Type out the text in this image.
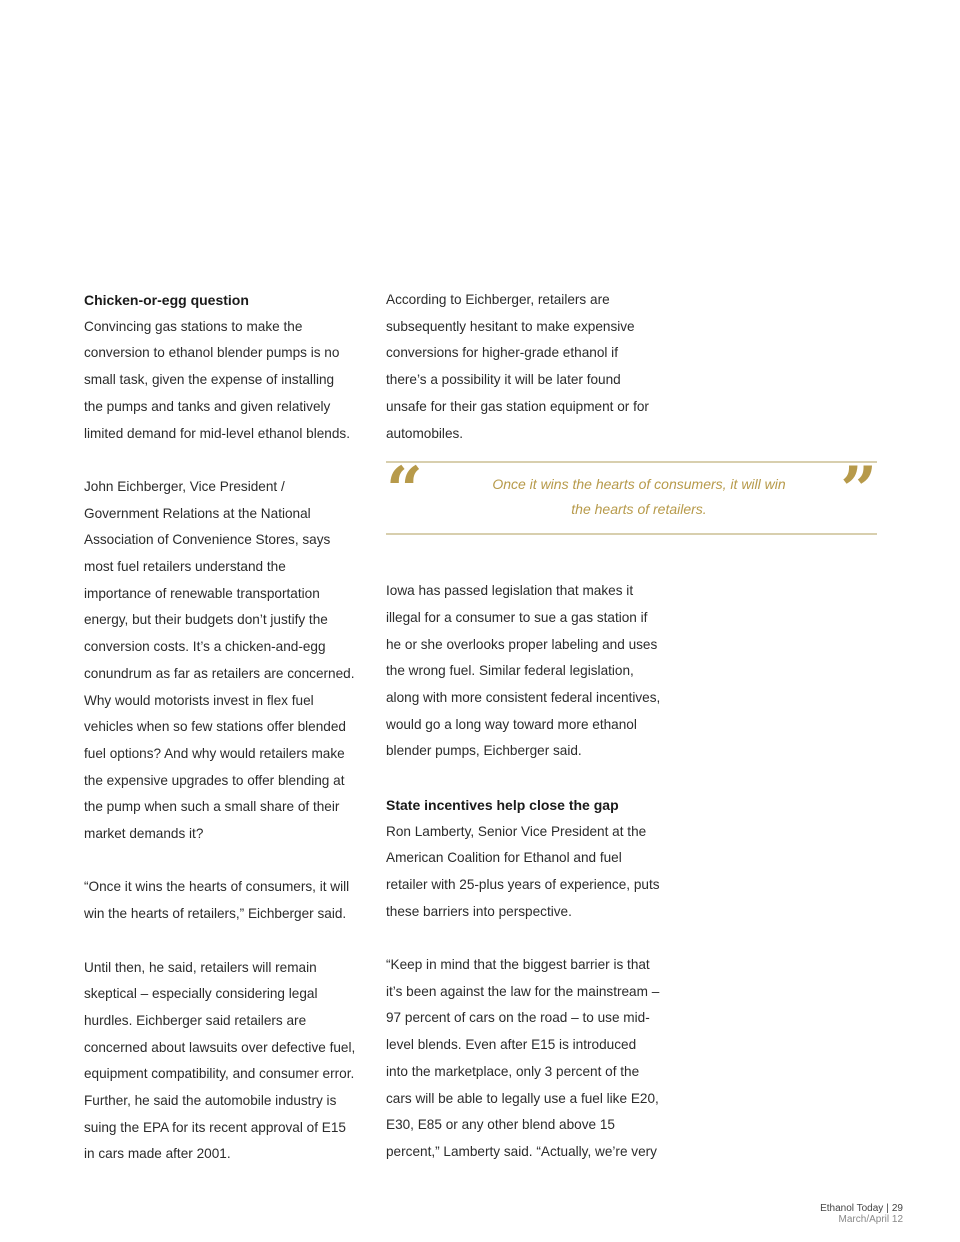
Chicken-or-egg question

Convincing gas stations to make the conversion to ethanol blender pumps is no small task, given the expense of installing the pumps and tanks and given relatively limited demand for mid-level ethanol blends.

John Eichberger, Vice President / Government Relations at the National Association of Convenience Stores, says most fuel retailers understand the importance of renewable transportation energy, but their budgets don’t justify the conversion costs. It’s a chicken-and-egg conundrum as far as retailers are concerned. Why would motorists invest in flex fuel vehicles when so few stations offer blended fuel options? And why would retailers make the expensive upgrades to offer blending at the pump when such a small share of their market demands it?

“Once it wins the hearts of consumers, it will win the hearts of retailers,” Eichberger said.

Until then, he said, retailers will remain skeptical – especially considering legal hurdles. Eichberger said retailers are concerned about lawsuits over defective fuel, equipment compatibility, and consumer error. Further, he said the automobile industry is suing the EPA for its recent approval of E15 in cars made after 2001.

According to Eichberger, retailers are subsequently hesitant to make expensive conversions for higher-grade ethanol if there’s a possibility it will be later found unsafe for their gas station equipment or for automobiles.

Iowa has passed legislation that makes it illegal for a consumer to sue a gas station if he or she overlooks proper labeling and uses the wrong fuel. Similar federal legislation, along with more consistent federal incentives, would go a long way toward more ethanol blender pumps, Eichberger said.

State incentives help close the gap

Ron Lamberty, Senior Vice President at the American Coalition for Ethanol and fuel retailer with 25-plus years of experience, puts these barriers into perspective.

“Keep in mind that the biggest barrier is that it’s been against the law for the mainstream – 97 percent of cars on the road – to use mid-level blends. Even after E15 is introduced into the marketplace, only 3 percent of the cars will be able to legally use a fuel like E20, E30, E85 or any other blend above 15 percent,” Lamberty said. “Actually, we’re very

“	Once it wins the hearts of consumers, it will win the hearts of retailers.	”
Ethanol Today | 29
March/April 12
